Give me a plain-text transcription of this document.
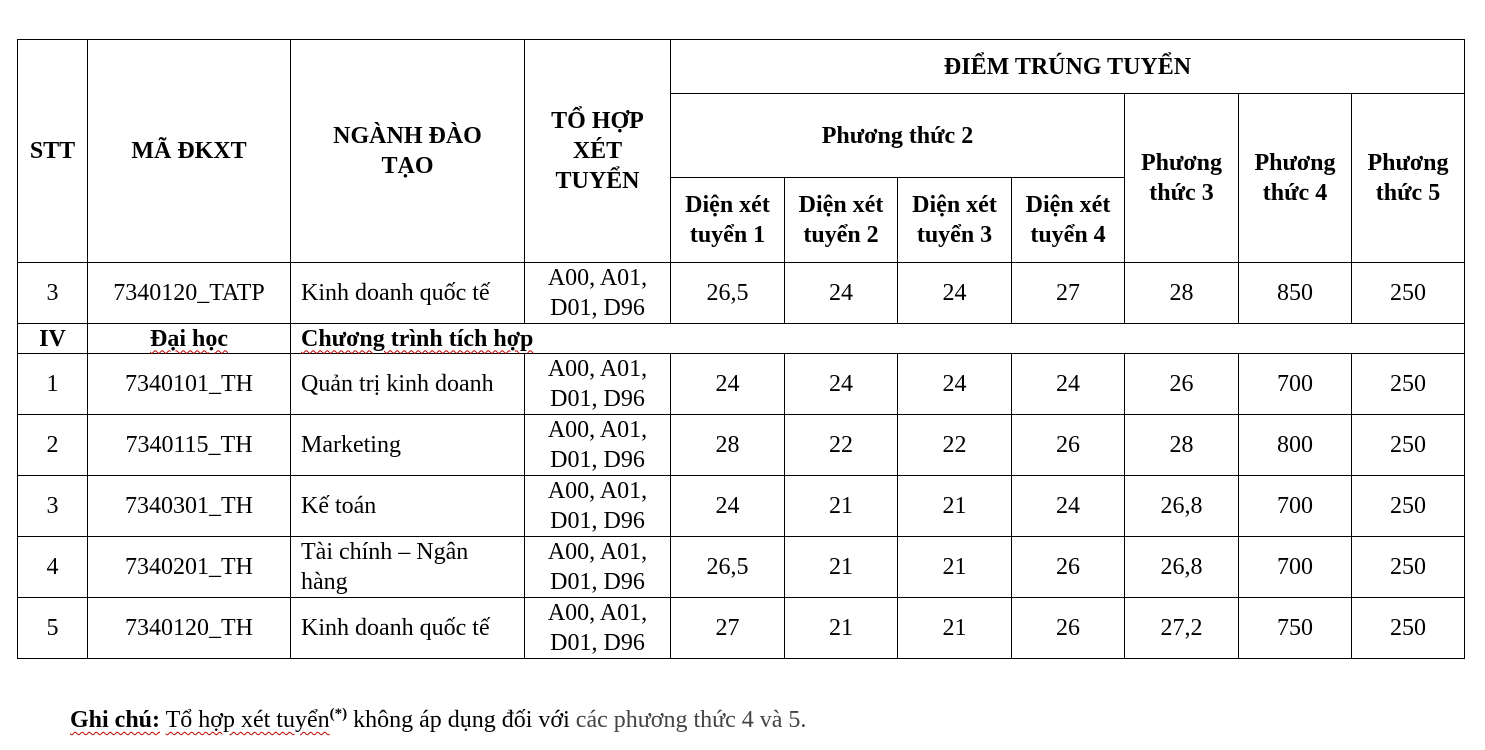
STT	MÃ ĐKXT	NGÀNH ĐÀO TẠO	TỔ HỢP XÉT TUYỂN	ĐIỂM TRÚNG TUYỂN						
				Phương thức 2				Phương thức 3	Phương thức 4	Phương thức 5
				Diện xét tuyển 1	Diện xét tuyển 2	Diện xét tuyển 3	Diện xét tuyển 4			
3	7340120_TATP	Kinh doanh quốc tế	A00, A01, D01, D96	26,5	24	24	27	28	850	250
IV	Đại học	Chương trình tích hợp								
1	7340101_TH	Quản trị kinh doanh	A00, A01, D01, D96	24	24	24	24	26	700	250
2	7340115_TH	Marketing	A00, A01, D01, D96	28	22	22	26	28	800	250
3	7340301_TH	Kế toán	A00, A01, D01, D96	24	21	21	24	26,8	700	250
4	7340201_TH	Tài chính – Ngân hàng	A00, A01, D01, D96	26,5	21	21	26	26,8	700	250
5	7340120_TH	Kinh doanh quốc tế	A00, A01, D01, D96	27	21	21	26	27,2	750	250
Ghi chú: Tổ hợp xét tuyển(*) không áp dụng đối với các phương thức 4 và 5.
